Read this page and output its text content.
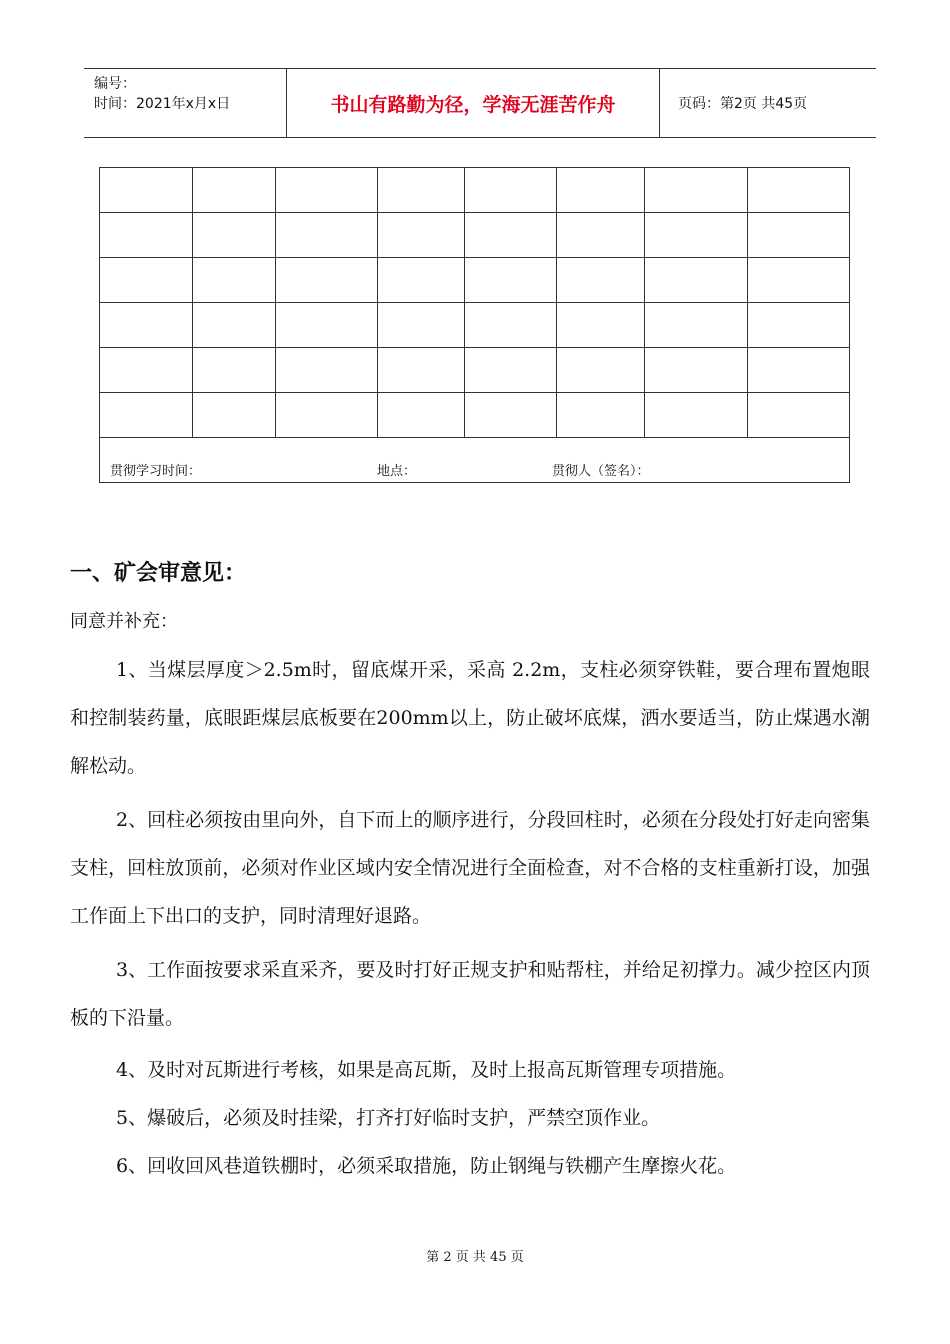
编号：
时间：2021年x月x日	书山有路勤为径，学海无涯苦作舟	页码：第2页 共45页

贯彻学习时间： 地点： 贯彻人（签名）：							
一、矿会审意见：
同意并补充：
1、当煤层厚度＞2.5m时，留底煤开采，采高 2.2m，支柱必须穿铁鞋，要合理布置炮眼和控制装药量，底眼距煤层底板要在200mm以上，防止破坏底煤，洒水要适当，防止煤遇水潮解松动。
2、回柱必须按由里向外，自下而上的顺序进行，分段回柱时，必须在分段处打好走向密集支柱，回柱放顶前，必须对作业区域内安全情况进行全面检查，对不合格的支柱重新打设，加强工作面上下出口的支护，同时清理好退路。
3、工作面按要求采直采齐，要及时打好正规支护和贴帮柱，并给足初撑力。减少控区内顶板的下沿量。
4、及时对瓦斯进行考核，如果是高瓦斯，及时上报高瓦斯管理专项措施。
5、爆破后，必须及时挂梁，打齐打好临时支护，严禁空顶作业。
6、回收回风巷道铁棚时，必须采取措施，防止钢绳与铁棚产生摩擦火花。
第 2 页 共 45 页
